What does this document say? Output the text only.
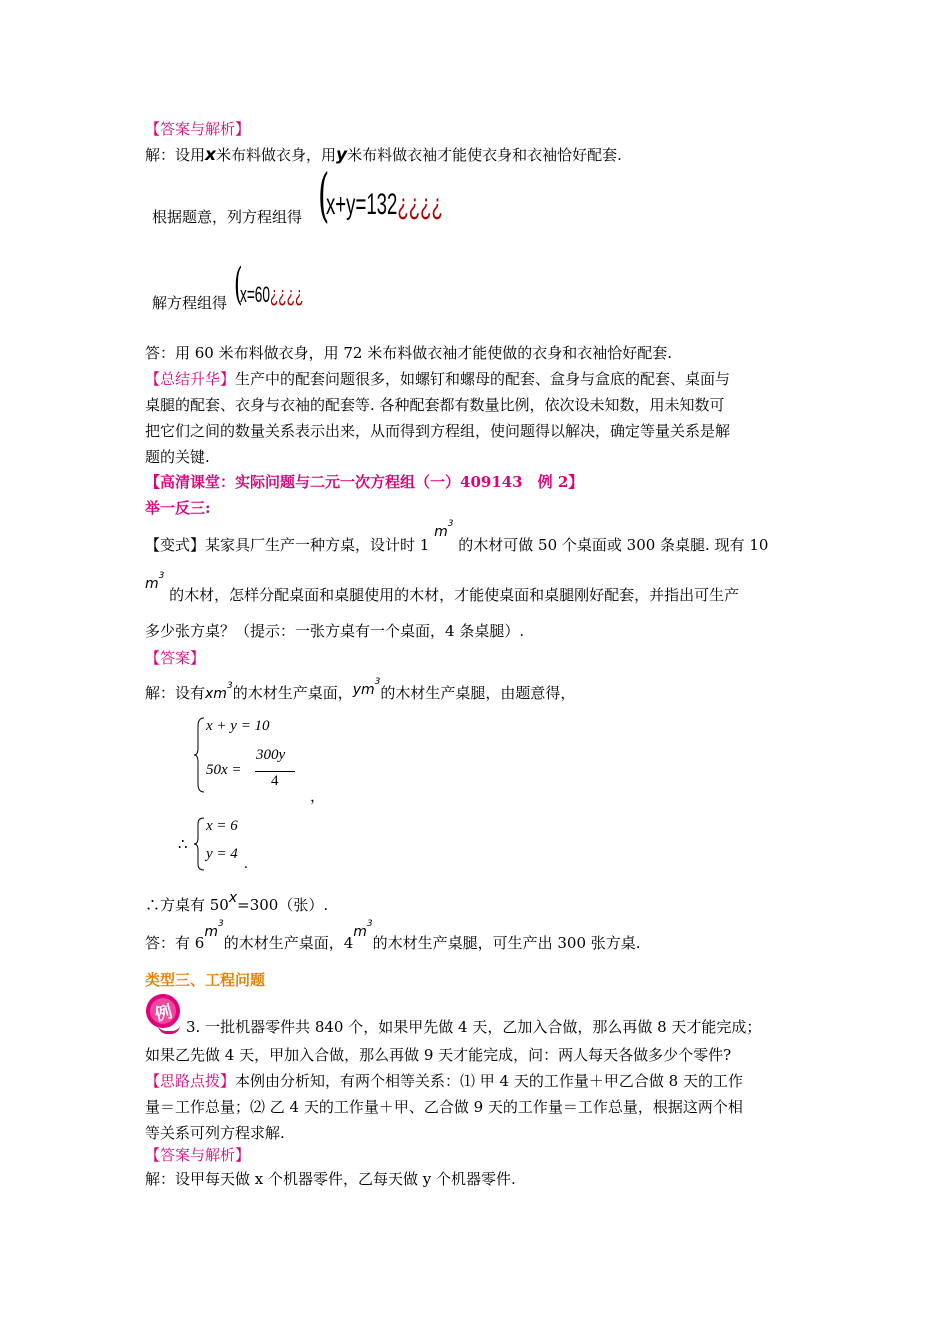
【答案与解析】
解：设用x米布料做衣身，用y米布料做衣袖才能使衣身和衣袖恰好配套.
根据题意，列方程组得 (
x+y=132¿¿¿¿
解方程组得 (
x=60¿¿¿¿
答：用 60 米布料做衣身，用 72 米布料做衣袖才能使做的衣身和衣袖恰好配套.
【总结升华】生产中的配套问题很多，如螺钉和螺母的配套、盒身与盒底的配套、桌面与
桌腿的配套、衣身与衣袖的配套等. 各种配套都有数量比例，依次设未知数，用未知数可
把它们之间的数量关系表示出来，从而得到方程组，使问题得以解决，确定等量关系是解
题的关键.
【高清课堂：实际问题与二元一次方程组（一）409143　例 2】
举一反三:
【变式】某家具厂生产一种方桌，设计时 1 $m^3$ 的木材可做 50 个桌面或 300 条桌腿. 现有 10
$m^3$ 的木材，怎样分配桌面和桌腿使用的木材，才能使桌面和桌腿刚好配套，并指出可生产
多少张方桌？（提示：一张方桌有一个桌面，4 条桌腿）.
【答案】
解：设有$xm^3$的木材生产桌面，$ym^3$的木材生产桌腿，由题意得，
x + y = 10
50x =
300y
4
，
∴
x = 6
y = 4
.
∴方桌有 50x=300（张）.
答：有 $6m^3$的木材生产桌面，$4m^3$的木材生产桌腿，可生产出 300 张方桌.
类型三、工程问题
例
3. 一批机器零件共 840 个，如果甲先做 4 天，乙加入合做，那么再做 8 天才能完成；
如果乙先做 4 天，甲加入合做，那么再做 9 天才能完成，问：两人每天各做多少个零件?
【思路点拨】本例由分析知，有两个相等关系：⑴ 甲 4 天的工作量＋甲乙合做 8 天的工作
量＝工作总量；⑵ 乙 4 天的工作量＋甲、乙合做 9 天的工作量＝工作总量，根据这两个相
等关系可列方程求解.
【答案与解析】
解：设甲每天做 x 个机器零件，乙每天做 y 个机器零件.
